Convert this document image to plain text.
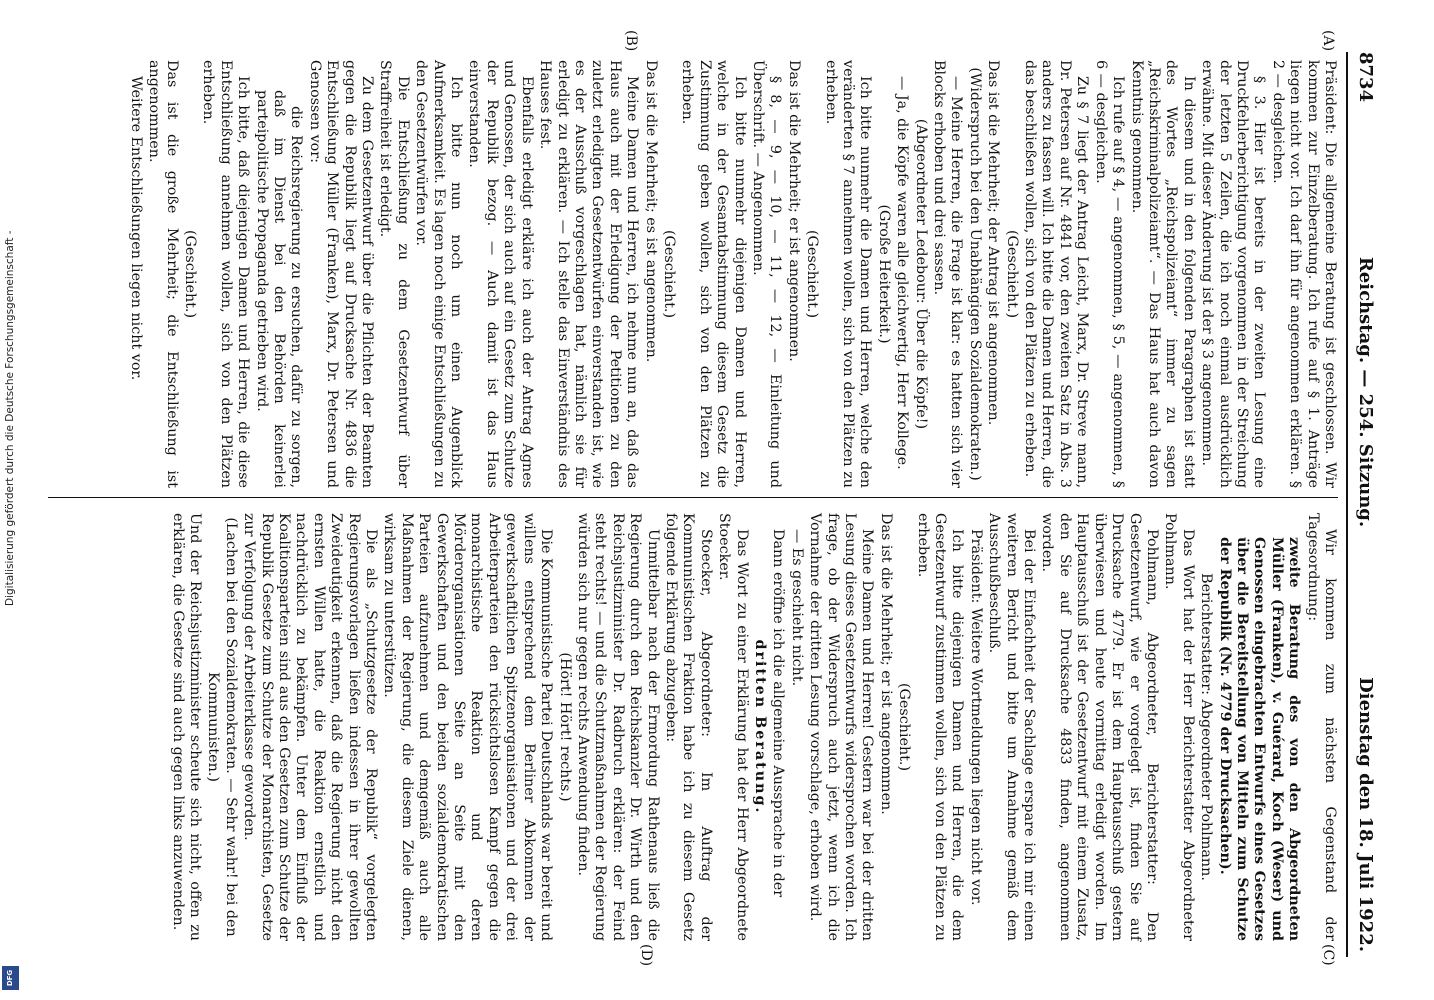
8734
Reichstag. — 254. Sitzung.
Dienstag den 18. Juli 1922.
(A)
(B)
(C)
(D)

Präsident: Die allgemeine Beratung ist geschlossen. Wir kommen zur Einzelberatung. Ich rufe auf § 1. Anträge liegen nicht vor. Ich darf ihn für angenommen erklären. § 2 — desgleichen.

§ 3. Hier ist bereits in der zweiten Lesung eine Druckfehlerberichtigung vorgenommen in der Streichung der letzten 5 Zeilen, die ich noch einmal ausdrücklich erwähne. Mit dieser Änderung ist der § 3 angenommen.

In diesem und in den folgenden Paragraphen ist statt des Wortes „Reichspolizeiamt“ immer zu sagen „Reichskriminalpolizeiamt“. — Das Haus hat auch davon Kenntnis genommen.

Ich rufe auf § 4, — angenommen, § 5, — angenommen, § 6 — desgleichen.

Zu § 7 liegt der Antrag Leicht, Marx, Dr. Streve mann, Dr. Petersen auf Nr. 4841 vor, den zweiten Satz in Abs. 3 anders zu fassen will. Ich bitte die Damen und Herren, die das beschließen wollen, sich von den Plätzen zu erheben.

(Geschieht.)

Das ist die Mehrheit; der Antrag ist angenommen.

(Widerspruch bei den Unabhängigen Sozialdemokraten.)

— Meine Herren, die Frage ist klar: es hatten sich vier Blocks erhoben und drei sassen.

(Abgeordneter Ledebour: Über die Köpfe!)

— Ja, die Köpfe waren alle gleichwertig, Herr Kollege.

(Große Heiterkeit.)

Ich bitte nunmehr die Damen und Herren, welche den veränderten § 7 annehmen wollen, sich von den Plätzen zu erheben.

(Geschieht.)

Das ist die Mehrheit; er ist angenommen.

§ 8, — 9, — 10, — 11, — 12, — Einleitung und Überschrift. — Angenommen.

Ich bitte nunmehr diejenigen Damen und Herren, welche in der Gesamtabstimmung diesem Gesetz die Zustimmung geben wollen, sich von den Plätzen zu erheben.

(Geschieht.)

Das ist die Mehrheit; es ist angenommen.

Meine Damen und Herren, ich nehme nun an, daß das Haus auch mit der Erledigung der Petitionen zu den zuletzt erledigten Gesetzentwürfen einverstanden ist, wie es der Ausschuß vorgeschlagen hat, nämlich sie für erledigt zu erklären. — Ich stelle das Einverständnis des Hauses fest.

Ebenfalls erledigt erkläre ich auch der Antrag Agnes und Genossen, der sich auch auf ein Gesetz zum Schutze der Republik bezog. — Auch damit ist das Haus einverstanden.

Ich bitte nun noch um einen Augenblick Aufmerksamkeit. Es lagen noch einige Entschließungen zu den Gesetzentwürfen vor.

Die Entschließung zu dem Gesetzentwurf über Straffreiheit ist erledigt.

Zu dem Gesetzentwurf über die Pflichten der Beamten gegen die Republik liegt auf Drucksache Nr. 4836 die Entschließung Müller (Franken), Marx, Dr. Petersen und Genossen vor:

die Reichsregierung zu ersuchen, dafür zu sorgen, daß im Dienst bei den Behörden keinerlei parteipolitische Propaganda getrieben wird.

Ich bitte, daß diejenigen Damen und Herren, die diese Entschließung annehmen wollen, sich von den Plätzen erheben.

(Geschieht.)

Das ist die große Mehrheit; die Entschließung ist angenommen.

Weitere Entschließungen liegen nicht vor.

Wir kommen zum nächsten Gegenstand der Tagesordnung:

zweite Beratung des von den Abgeordneten Müller (Franken), v. Guérard, Koch (Weser) und Genossen eingebrachten Entwurfs eines Gesetzes über die Bereitstellung von Mitteln zum Schutze der Republik (Nr. 4779 der Drucksachen).

Berichterstatter: Abgeordneter Pohlmann.

Das Wort hat der Herr Berichterstatter Abgeordneter Pohlmann.

Pohlmann, Abgeordneter, Berichterstatter: Den Gesetzentwurf, wie er vorgelegt ist, finden Sie auf Drucksache 4779. Er ist dem Hauptausschuß gestern überwiesen und heute vormittag erledigt worden. Im Hauptausschuß ist der Gesetzentwurf mit einem Zusatz, den Sie auf Drucksache 4833 finden, angenommen worden.

Bei der Einfachheit der Sachlage erspare ich mir einen weiteren Bericht und bitte um Annahme gemäß dem Ausschußbeschluß.

Präsident: Weitere Wortmeldungen liegen nicht vor.

Ich bitte diejenigen Damen und Herren, die dem Gesetzentwurf zustimmen wollen, sich von den Plätzen zu erheben.

(Geschieht.)

Das ist die Mehrheit; er ist angenommen.

Meine Damen und Herren! Gestern war bei der dritten Lesung dieses Gesetzentwurfs widersprochen worden. Ich frage, ob der Widerspruch auch jetzt, wenn ich die Vornahme der dritten Lesung vorschlage, erhoben wird.

— Es geschieht nicht.

Dann eröffne ich die allgemeine Aussprache in der

dritten Beratung.

Das Wort zu einer Erklärung hat der Herr Abgeordnete Stoecker.

Stoecker, Abgeordneter: Im Auftrag der Kommunistischen Fraktion habe ich zu diesem Gesetz folgende Erklärung abzugeben:

Unmittelbar nach der Ermordung Rathenaus ließ die Regierung durch den Reichskanzler Dr. Wirth und den Reichsjustizminister Dr. Radbruch erklären: der Feind steht rechts! — und die Schutzmaßnahmen der Regierung würden sich nur gegen rechts Anwendung finden.

(Hört! Hört! rechts.)

Die Kommunistische Partei Deutschlands war bereit und willens entsprechend dem Berliner Abkommen der gewerkschaftlichen Spitzenorganisationen und der drei Arbeiterparteien den rücksichtslosen Kampf gegen die monarchistische Reaktion und deren Mörderorganisationen Seite an Seite mit den Gewerkschaften und den beiden sozialdemokratischen Parteien aufzunehmen und demgemäß auch alle Maßnahmen der Regierung, die diesem Ziele dienen, wirksam zu unterstützen.

Die als „Schutzgesetze der Republik“ vorgelegten Regierungsvorlagen ließen indessen in ihrer gewollten Zweideutigkeit erkennen, daß die Regierung nicht den ernsten Willen hatte, die Reaktion ernstlich und nachdrücklich zu bekämpfen. Unter dem Einfluß der Koalitionsparteien sind aus den Gesetzen zum Schutze der Republik Gesetze zum Schutze der Monarchisten, Gesetze zur Verfolgung der Arbeiterklasse geworden.

(Lachen bei den Sozialdemokraten. — Sehr wahr! bei den Kommunisten.)

Und der Reichsjustizminister scheute sich nicht, offen zu erklären, die Gesetze sind auch gegen links anzuwenden.

Digitalisierung gefördert durch die Deutsche Forschungsgemeinschaft -
DFG
